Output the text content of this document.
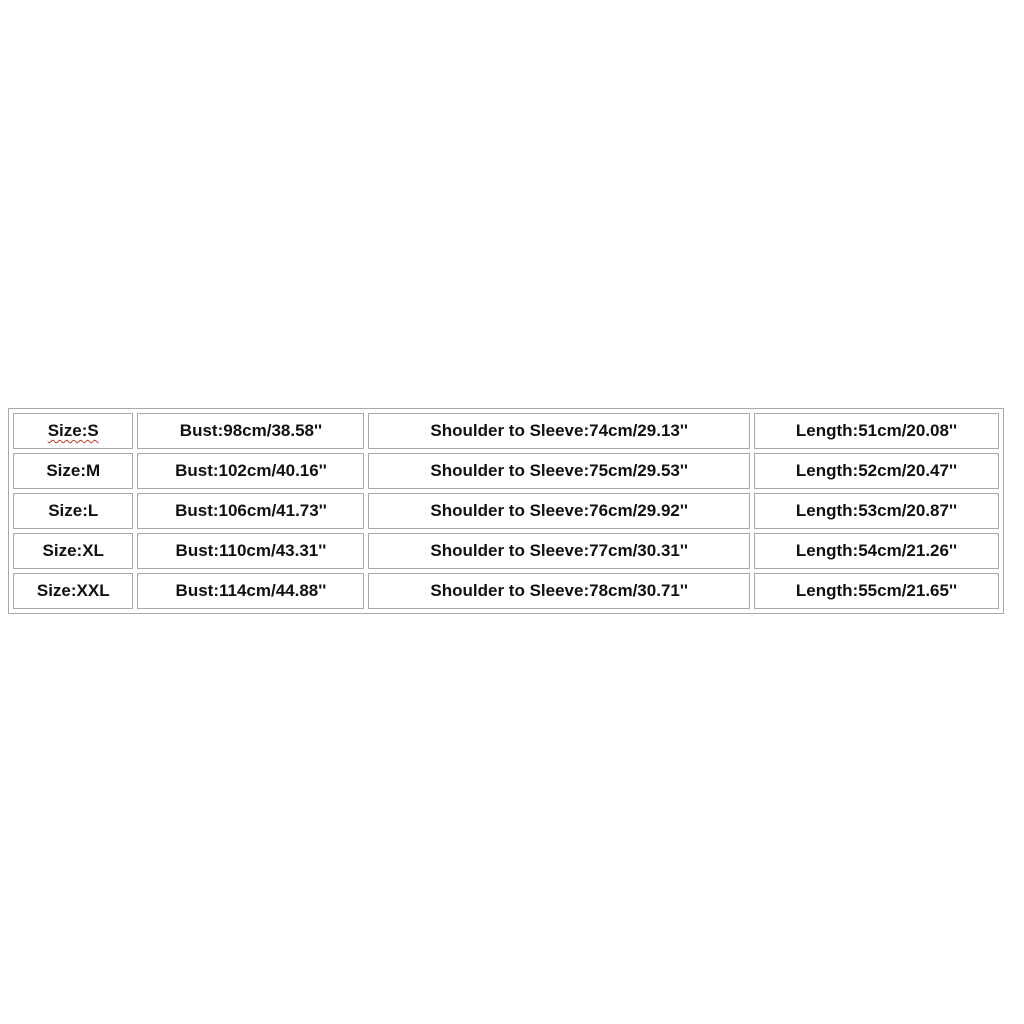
Size:S	Bust:98cm/38.58''	Shoulder to Sleeve:74cm/29.13''	Length:51cm/20.08''
Size:M	Bust:102cm/40.16''	Shoulder to Sleeve:75cm/29.53''	Length:52cm/20.47''
Size:L	Bust:106cm/41.73''	Shoulder to Sleeve:76cm/29.92''	Length:53cm/20.87''
Size:XL	Bust:110cm/43.31''	Shoulder to Sleeve:77cm/30.31''	Length:54cm/21.26''
Size:XXL	Bust:114cm/44.88''	Shoulder to Sleeve:78cm/30.71''	Length:55cm/21.65''
